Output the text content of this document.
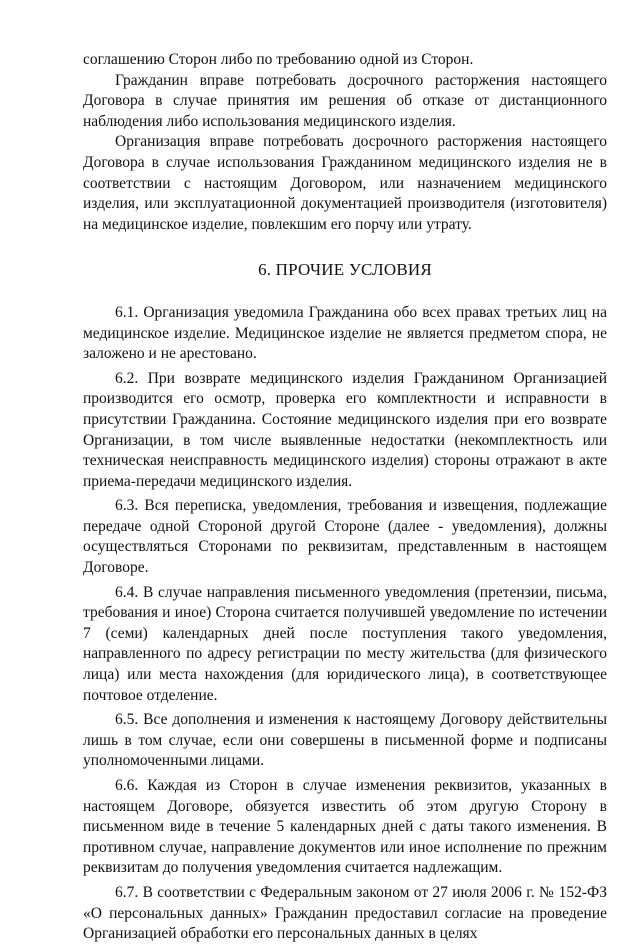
соглашению Сторон либо по требованию одной из Сторон.

Гражданин вправе потребовать досрочного расторжения настоящего Договора в случае принятия им решения об отказе от дистанционного наблюдения либо использования медицинского изделия.

Организация вправе потребовать досрочного расторжения настоящего Договора в случае использования Гражданином медицинского изделия не в соответствии с настоящим Договором, или назначением медицинского изделия, или эксплуатационной документацией производителя (изготовителя) на медицинское изделие, повлекшим его порчу или утрату.

6. ПРОЧИЕ УСЛОВИЯ

6.1. Организация уведомила Гражданина обо всех правах третьих лиц на медицинское изделие. Медицинское изделие не является предметом спора, не заложено и не арестовано.

6.2. При возврате медицинского изделия Гражданином Организацией производится его осмотр, проверка его комплектности и исправности в присутствии Гражданина. Состояние медицинского изделия при его возврате Организации, в том числе выявленные недостатки (некомплектность или техническая неисправность медицинского изделия) стороны отражают в акте приема-передачи медицинского изделия.

6.3. Вся переписка, уведомления, требования и извещения, подлежащие передаче одной Стороной другой Стороне (далее - уведомления), должны осуществляться Сторонами по реквизитам, представленным в настоящем Договоре.

6.4. В случае направления письменного уведомления (претензии, письма, требования и иное) Сторона считается получившей уведомление по истечении 7 (семи) календарных дней после поступления такого уведомления, направленного по адресу регистрации по месту жительства (для физического лица) или места нахождения (для юридического лица), в соответствующее почтовое отделение.

6.5. Все дополнения и изменения к настоящему Договору действительны лишь в том случае, если они совершены в письменной форме и подписаны уполномоченными лицами.

6.6. Каждая из Сторон в случае изменения реквизитов, указанных в настоящем Договоре, обязуется известить об этом другую Сторону в письменном виде в течение 5 календарных дней с даты такого изменения. В противном случае, направление документов или иное исполнение по прежним реквизитам до получения уведомления считается надлежащим.

6.7. В соответствии с Федеральным законом от 27 июля 2006 г. № 152-ФЗ «О персональных данных» Гражданин предоставил согласие на проведение Организацией обработки его персональных данных в целях
